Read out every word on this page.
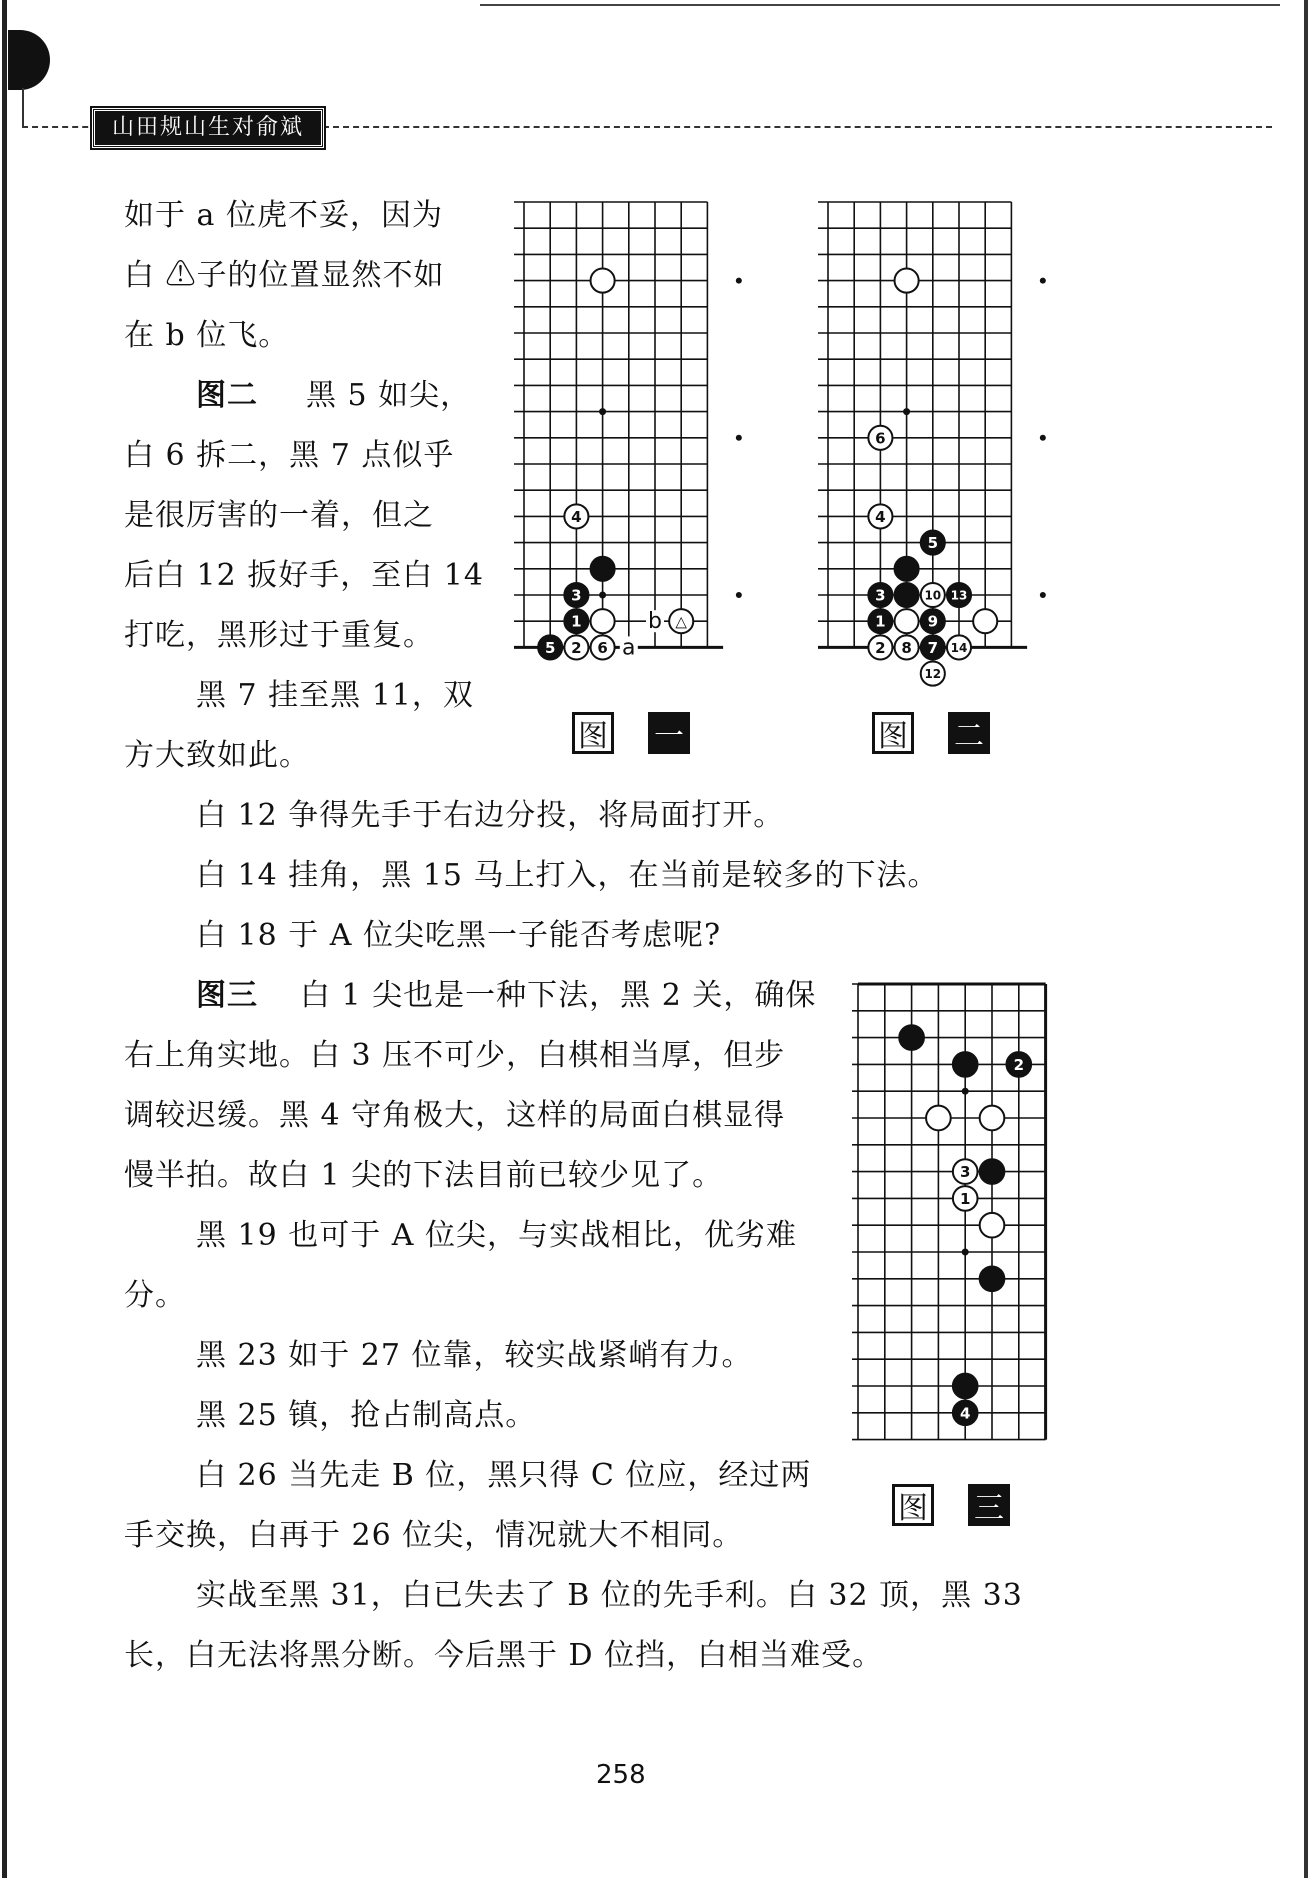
山田规山生对俞斌
如于 a 位虎不妥，因为
白 ⚠子的位置显然不如
在 b 位飞。
图二 黑 5 如尖，
白 6 拆二，黑 7 点似乎
是很厉害的一着，但之
后白 12 扳好手，至白 14
打吃，黑形过于重复。
黑 7 挂至黑 11，双
方大致如此。
白 12 争得先手于右边分投，将局面打开。
白 14 挂角，黑 15 马上打入，在当前是较多的下法。
白 18 于 A 位尖吃黑一子能否考虑呢?
图三 白 1 尖也是一种下法，黑 2 关，确保
右上角实地。白 3 压不可少，白棋相当厚，但步
调较迟缓。黑 4 守角极大，这样的局面白棋显得
慢半拍。故白 1 尖的下法目前已较少见了。
黑 19 也可于 A 位尖，与实战相比，优劣难
分。
黑 23 如于 27 位靠，较实战紧峭有力。
黑 25 镇，抢占制高点。
白 26 当先走 B 位，黑只得 C 位应，经过两
手交换，白再于 26 位尖，情况就大不相同。
实战至黑 31，白已失去了 B 位的先手利。白 32 顶，黑 33
长，白无法将黑分断。今后黑于 D 位挡，白相当难受。
4
3
1
5 2 6 a
b △
图 一
6
4
5
3	10 13
1	9
2 8 7 14
12
图 二
2
3
1
4
图 三
258
